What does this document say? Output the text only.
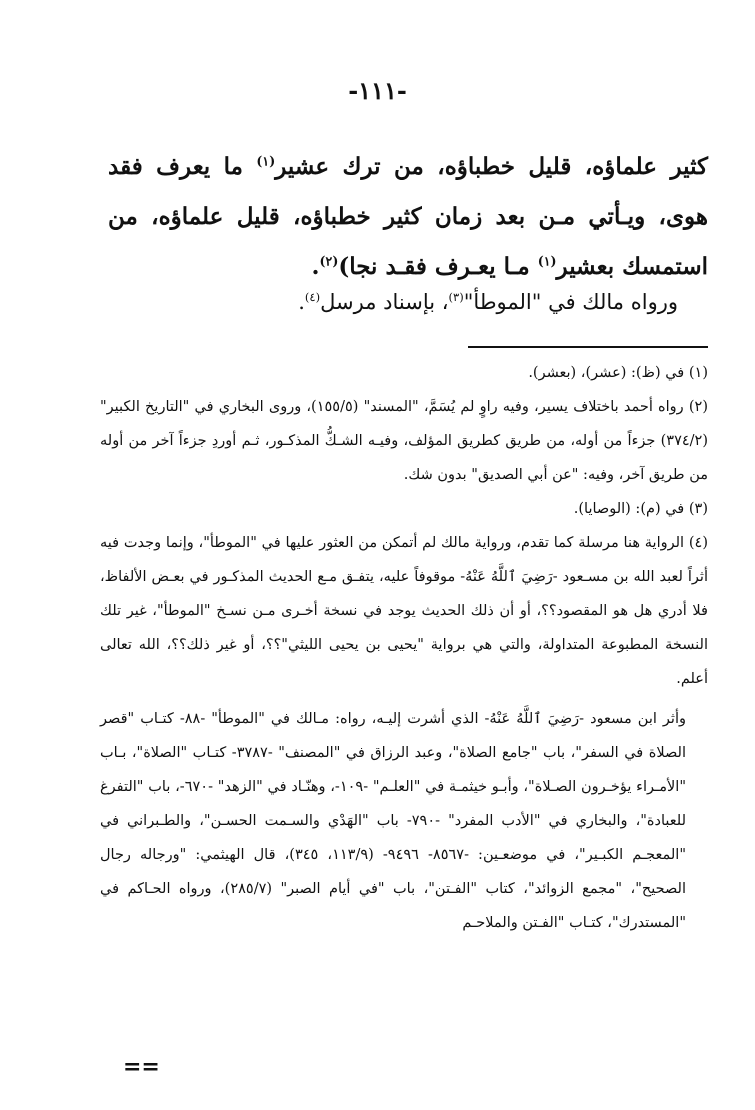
-١١١-
كثير علماؤه، قليل خطباؤه، من ترك عشير$^{(١)}$ ما يعرف فقد هوى، ويـأتي مـن بعد زمان كثير خطباؤه، قليل علماؤه، من استمسك بعشير$^{(١)}$ مـا يعـرف فقـد نجا)$^{(٢)}$.
ورواه مالك في "الموطأ"$^{(٣)}$، بإسناد مرسل$^{(٤)}$.

(١) في (ظ): (عشر)، (بعشر).

(٢) رواه أحمد باختلاف يسير، وفيه راوٍ لم يُسَمَّ، "المسند" (١٥٥/٥)، وروى البخاري في "التاريخ الكبير" (٣٧٤/٢) جزءاً من أوله، من طريق كطريق المؤلف، وفيـه الشـكُّ المذكـور، ثـم أوردِ جزءاً آخر من أوله من طريق آخر، وفيه: "عن أبي الصديق" بدون شك.

(٣) في (م): (الوصايا).

(٤) الرواية هنا مرسلة كما تقدم، ورواية مالك لم أتمكن من العثور عليها في "الموطأ"، وإنما وجدت فيه أثراً لعبد الله بن مسـعود -رَضِيَ ٱللَّهُ عَنْهُ- موقوفاً عليه، يتفـق مـع الحديث المذكـور في بعـض الألفاظ، فلا أدري هل هو المقصود؟؟، أو أن ذلك الحديث يوجد في نسخة أخـرى مـن نسـخ "الموطأ"، غير تلك النسخة المطبوعة المتداولة، والتي هي برواية "يحيى بن يحيى الليثي"؟؟، أو غير ذلك؟؟، الله تعالى أعلم.

وأثر ابن مسعود -رَضِيَ ٱللَّهُ عَنْهُ- الذي أشرت إليـه، رواه: مـالك في "الموطأ" -٨٨- كتـاب "قصر الصلاة في السفر"، باب "جامع الصلاة"، وعبد الرزاق في "المصنف" -٣٧٨٧- كتـاب "الصلاة"، بـاب "الأمـراء يؤخـرون الصـلاة"، وأبـو خيثمـة في "العلـم" -١٠٩-، وهنّـاد في "الزهد" -٦٧٠-، باب "التفرغ للعبادة"، والبخاري في "الأدب المفرد" -٧٩٠- باب "الهَدْي والسـمت الحسـن"، والطـبراني في "المعجـم الكبـير"، في موضعـين: -٨٥٦٧- ٩٤٩٦- (١١٣/٩، ٣٤٥)، قال الهيثمي: "ورجاله رجال الصحيح"، "مجمع الزوائد"، كتاب "الفـتن"، باب "في أيام الصبر" (٢٨٥/٧)، ورواه الحـاكم في "المستدرك"، كتـاب "الفـتن والملاحـم

==
